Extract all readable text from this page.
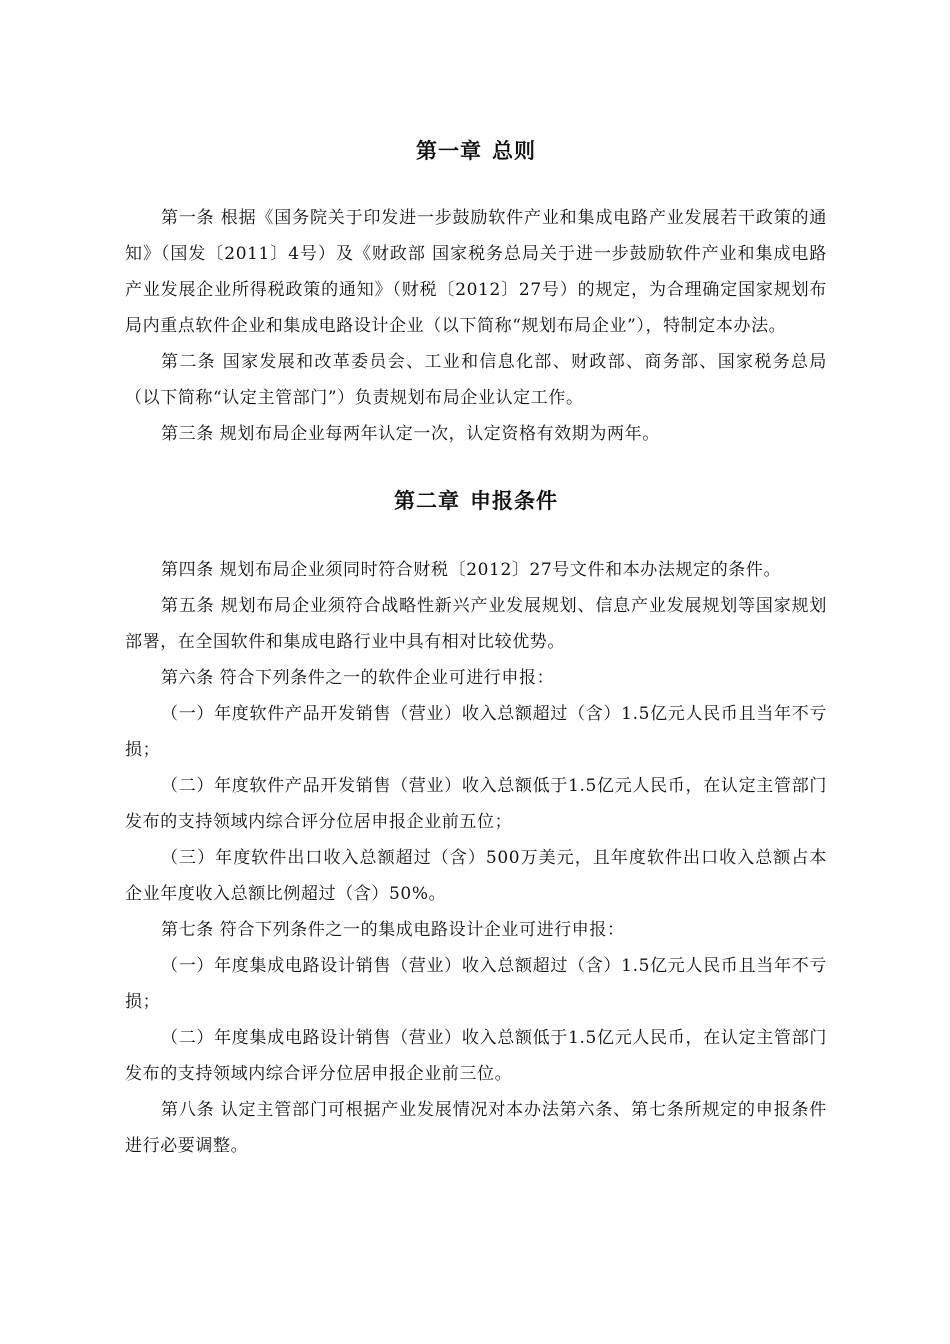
第一章 总则

第一条 根据《国务院关于印发进一步鼓励软件产业和集成电路产业发展若干政策的通知》（国发〔2011〕4号）及《财政部 国家税务总局关于进一步鼓励软件产业和集成电路产业发展企业所得税政策的通知》（财税〔2012〕27号）的规定，为合理确定国家规划布局内重点软件企业和集成电路设计企业（以下简称“规划布局企业”），特制定本办法。

第二条 国家发展和改革委员会、工业和信息化部、财政部、商务部、国家税务总局（以下简称“认定主管部门”）负责规划布局企业认定工作。

第三条 规划布局企业每两年认定一次，认定资格有效期为两年。

第二章 申报条件

第四条 规划布局企业须同时符合财税〔2012〕27号文件和本办法规定的条件。

第五条 规划布局企业须符合战略性新兴产业发展规划、信息产业发展规划等国家规划部署，在全国软件和集成电路行业中具有相对比较优势。

第六条 符合下列条件之一的软件企业可进行申报：

（一）年度软件产品开发销售（营业）收入总额超过（含）1.5亿元人民币且当年不亏损；

（二）年度软件产品开发销售（营业）收入总额低于1.5亿元人民币，在认定主管部门发布的支持领域内综合评分位居申报企业前五位；

（三）年度软件出口收入总额超过（含）500万美元，且年度软件出口收入总额占本企业年度收入总额比例超过（含）50%。

第七条 符合下列条件之一的集成电路设计企业可进行申报：

（一）年度集成电路设计销售（营业）收入总额超过（含）1.5亿元人民币且当年不亏损；

（二）年度集成电路设计销售（营业）收入总额低于1.5亿元人民币，在认定主管部门发布的支持领域内综合评分位居申报企业前三位。

第八条 认定主管部门可根据产业发展情况对本办法第六条、第七条所规定的申报条件进行必要调整。
